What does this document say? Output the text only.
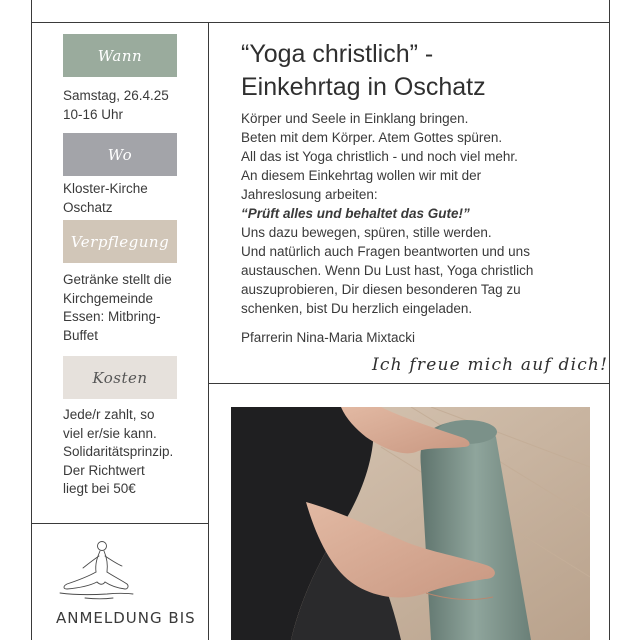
Wann
Samstag, 26.4.25
10-16 Uhr
Wo
Kloster-Kirche
Oschatz
Verpflegung
Getränke stellt die
Kirchgemeinde
Essen: Mitbring-
Buffet
Kosten
Jede/r zahlt, so
viel er/sie kann.
Solidaritätsprinzip.
Der Richtwert
liegt bei 50€
ANMELDUNG BIS
“Yoga christlich” -
Einkehrtag in Oschatz

Körper und Seele in Einklang bringen.

Beten mit dem Körper. Atem Gottes spüren.

All das ist Yoga christlich - und noch viel mehr.

An diesem Einkehrtag wollen wir mit der

Jahreslosung arbeiten:

“Prüft alles und behaltet das Gute!”

Uns dazu bewegen, spüren, stille werden.

Und natürlich auch Fragen beantworten und uns

austauschen. Wenn Du Lust hast, Yoga christlich

auszuprobieren, Dir diesen besonderen Tag zu

schenken, bist Du herzlich eingeladen.

Pfarrerin Nina-Maria Mixtacki
Ich freue mich auf dich!
